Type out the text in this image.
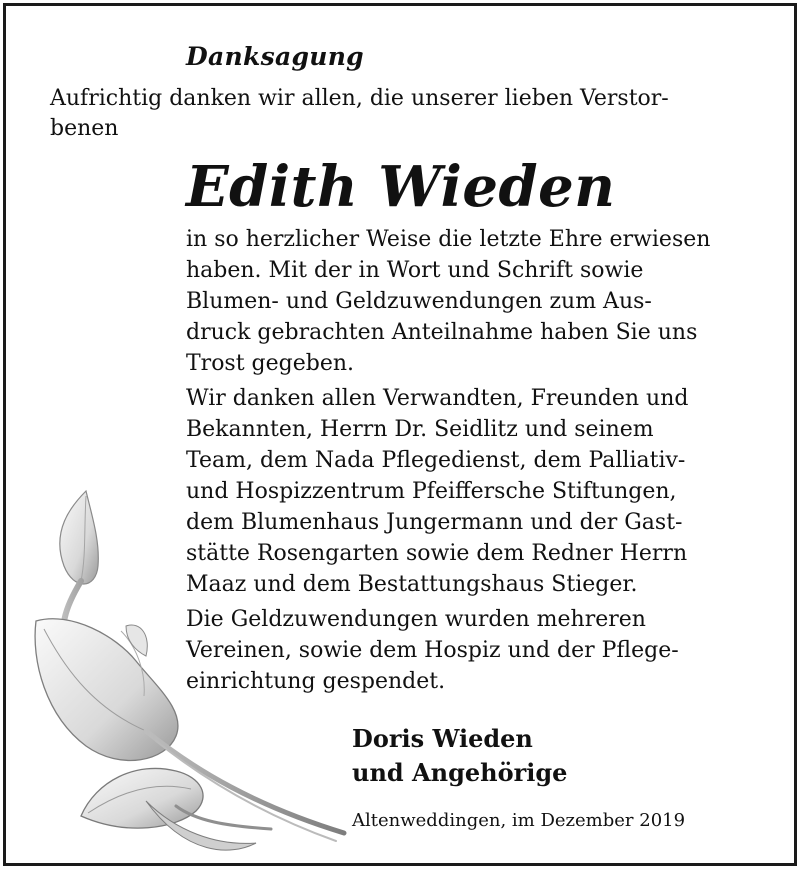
Danksagung
Aufrichtig danken wir allen, die unserer lieben Verstor-
benen
Edith Wieden
in so herzlicher Weise die letzte Ehre erwiesen
haben. Mit der in Wort und Schrift sowie
Blumen- und Geldzuwendungen zum Aus-
druck gebrachten Anteilnahme haben Sie uns
Trost gegeben.
Wir danken allen Verwandten, Freunden und
Bekannten, Herrn Dr. Seidlitz und seinem
Team, dem Nada Pflegedienst, dem Palliativ-
und Hospizzentrum Pfeiffersche Stiftungen,
dem Blumenhaus Jungermann und der Gast-
stätte Rosengarten sowie dem Redner Herrn
Maaz und dem Bestattungshaus Stieger.
Die Geldzuwendungen wurden mehreren
Vereinen, sowie dem Hospiz und der Pflege-
einrichtung gespendet.
Doris Wieden
und Angehörige
Altenweddingen, im Dezember 2019
